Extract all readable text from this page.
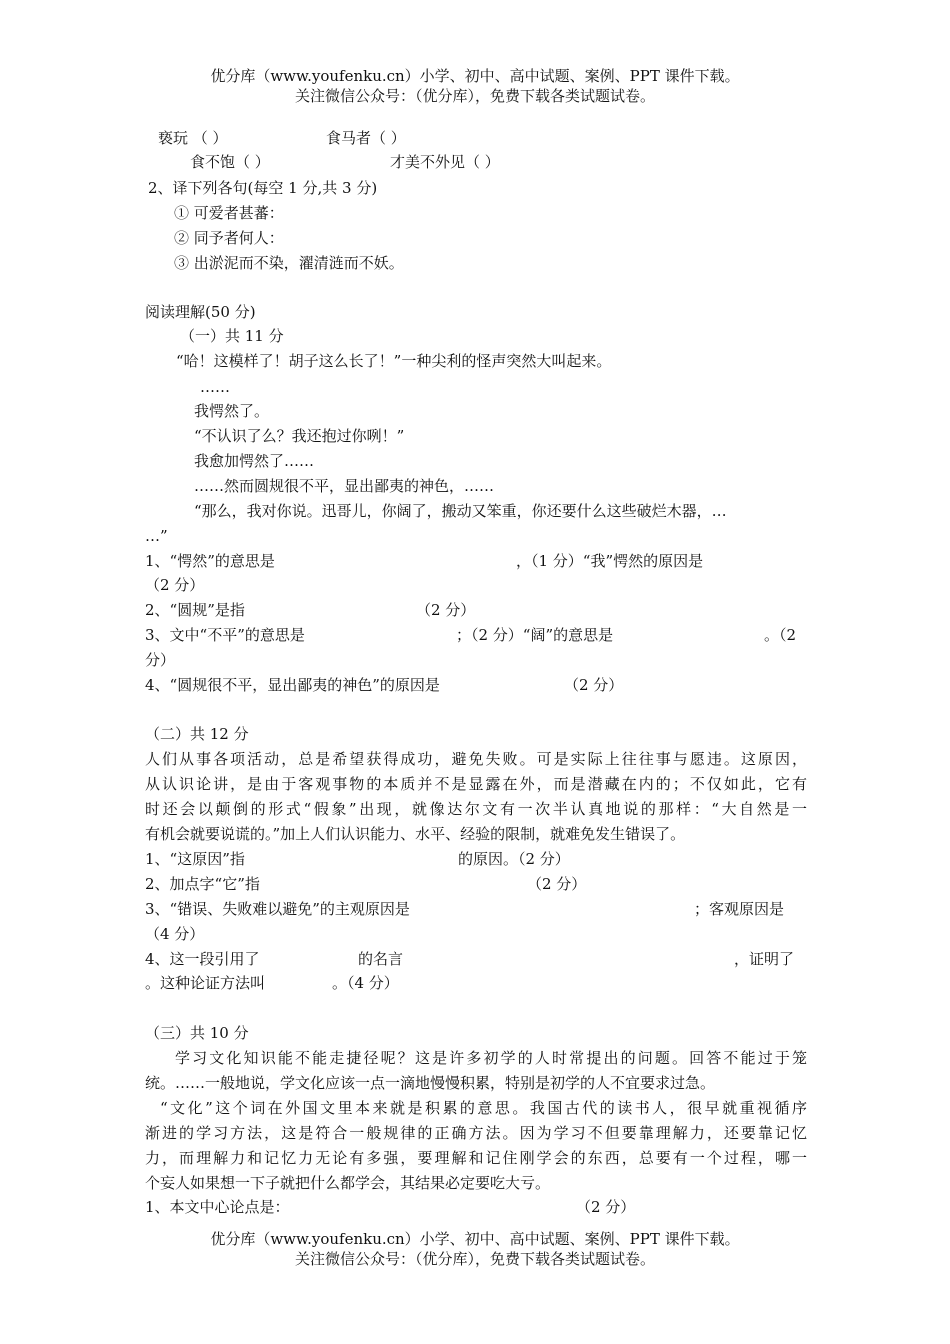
优分库（www.youfenku.cn）小学、初中、高中试题、案例、PPT 课件下载。
关注微信公众号：（优分库），免费下载各类试题试卷。
亵玩 （ ）	食马者（ ）
食不饱（ ）	才美不外见（ ）
2、译下列各句(每空 1 分,共 3 分)
① 可爱者甚蕃：
② 同予者何人：
③ 出淤泥而不染，濯清涟而不妖。
阅读理解(50 分)
（一）共 11 分
“哈！这模样了！胡子这么长了！”一种尖利的怪声突然大叫起来。
……
我愕然了。
“不认识了么？我还抱过你咧！”
我愈加愕然了……
……然而圆规很不平，显出鄙夷的神色，……
“那么，我对你说。迅哥儿，你阔了，搬动又笨重，你还要什么这些破烂木器，…
…”
1、“愕然”的意思是	，（1 分）“我”愕然的原因是
（2 分）
2、“圆规”是指	（2 分）
3、文中“不平”的意思是	；（2 分）“阔”的意思是	。（2
分）
4、“圆规很不平，显出鄙夷的神色”的原因是	（2 分）
（二）共 12 分
人们从事各项活动，总是希望获得成功，避免失败。可是实际上往往事与愿违。这原因，
从认识论讲，是由于客观事物的本质并不是显露在外，而是潜藏在内的；不仅如此，它有
时还会以颠倒的形式“假象”出现，就像达尔文有一次半认真地说的那样：“大自然是一
有机会就要说谎的。”加上人们认识能力、水平、经验的限制，就难免发生错误了。
1、“这原因”指	的原因。（2 分）
2、加点字“它”指	（2 分）
3、“错误、失败难以避免”的主观原因是	；客观原因是
（4 分）
4、这一段引用了	的名言	，证明了
。这种论证方法叫	。（4 分）
（三）共 10 分
学习文化知识能不能走捷径呢？这是许多初学的人时常提出的问题。回答不能过于笼
统。……一般地说，学文化应该一点一滴地慢慢积累，特别是初学的人不宜要求过急。
“文化”这个词在外国文里本来就是积累的意思。我国古代的读书人，很早就重视循序
渐进的学习方法，这是符合一般规律的正确方法。因为学习不但要靠理解力，还要靠记忆
力，而理解力和记忆力无论有多强，要理解和记住刚学会的东西，总要有一个过程，哪一
个妄人如果想一下子就把什么都学会，其结果必定要吃大亏。
1、本文中心论点是：	（2 分）
优分库（www.youfenku.cn）小学、初中、高中试题、案例、PPT 课件下载。
关注微信公众号：（优分库），免费下载各类试题试卷。
